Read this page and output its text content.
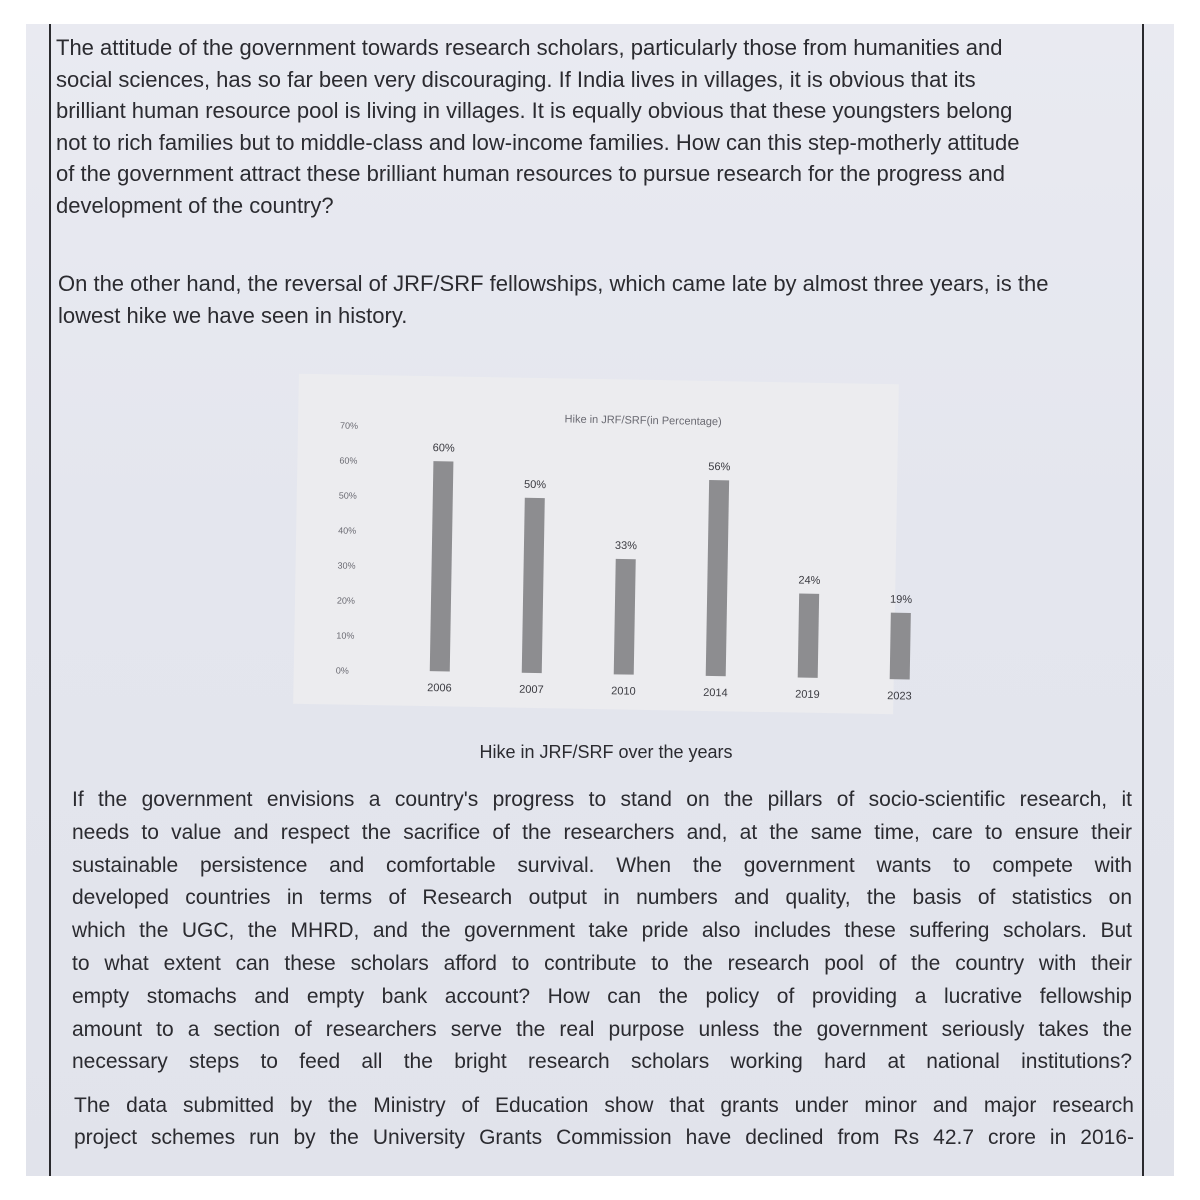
The attitude of the government towards research scholars, particularly those from humanities and
social sciences, has so far been very discouraging. If India lives in villages, it is obvious that its
brilliant human resource pool is living in villages. It is equally obvious that these youngsters belong
not to rich families but to middle-class and low-income families. How can this step-motherly attitude
of the government attract these brilliant human resources to pursue research for the progress and
development of the country?

On the other hand, the reversal of JRF/SRF fellowships, which came late by almost three years, is the
lowest hike we have seen in history.

Hike in JRF/SRF(in Percentage)
0%
10%
20%
30%
40%
50%
60%
70%
60%
2006
50%
2007
33%
2010
56%
2014
24%
2019
19%
2023
Hike in JRF/SRF over the years

If the government envisions a country's progress to stand on the pillars of socio-scientific research, it
needs to value and respect the sacrifice of the researchers and, at the same time, care to ensure their
sustainable persistence and comfortable survival. When the government wants to compete with
developed countries in terms of Research output in numbers and quality, the basis of statistics on
which the UGC, the MHRD, and the government take pride also includes these suffering scholars. But
to what extent can these scholars afford to contribute to the research pool of the country with their
empty stomachs and empty bank account? How can the policy of providing a lucrative fellowship
amount to a section of researchers serve the real purpose unless the government seriously takes the
necessary steps to feed all the bright research scholars working hard at national institutions?

The data submitted by the Ministry of Education show that grants under minor and major research
project schemes run by the University Grants Commission have declined from Rs 42.7 crore in 2016-
